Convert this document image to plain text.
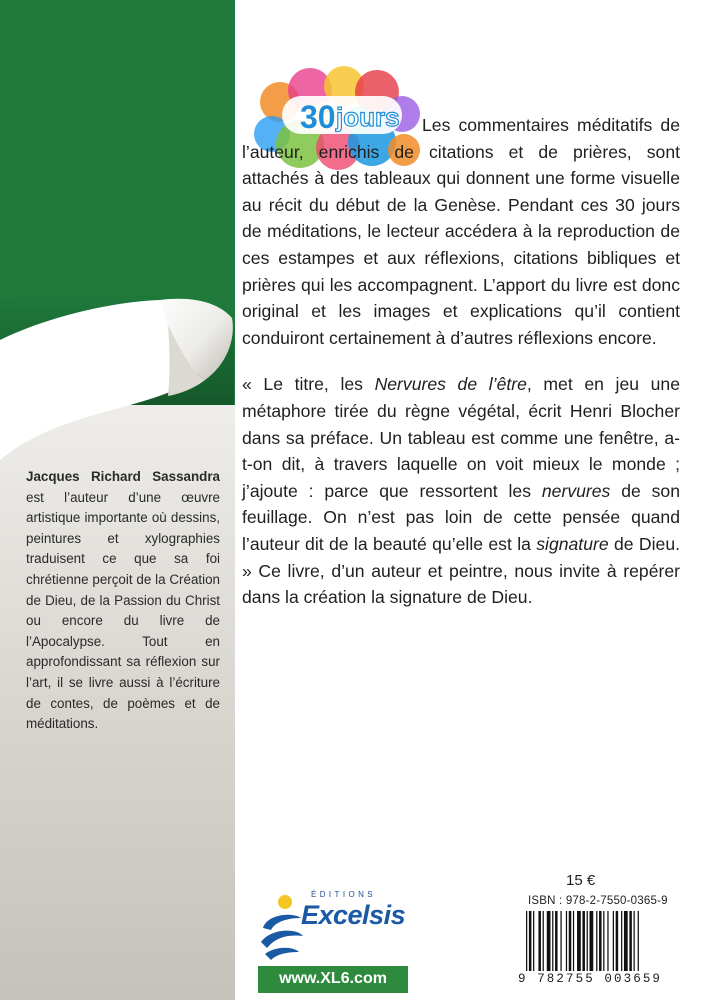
30 jours	Les commentaires méditatifs de l’auteur, enrichis de citations et de prières, sont attachés à des tableaux qui donnent une forme visuelle au récit du début de la Genèse. Pendant ces 30 jours de méditations, le lecteur accédera à la reproduction de ces estampes et aux réflexions, citations bibliques et prières qui les accompagnent. L’apport du livre est donc original et les images et explications qu’il contient conduiront certainement à d’autres réflexions encore.

« Le titre, les Nervures de l’être, met en jeu une métaphore tirée du règne végétal, écrit Henri Blocher dans sa préface. Un tableau est comme une fenêtre, a-t-on dit, à travers laquelle on voit mieux le monde ; j’ajoute : parce que ressortent les nervures de son feuillage. On n’est pas loin de cette pensée quand l’auteur dit de la beauté qu’elle est la signature de Dieu. » Ce livre, d’un auteur et peintre, nous invite à repérer dans la création la signature de Dieu.

Jacques Richard Sassandra est l’auteur d’une œuvre artistique importante où dessins, peintures et xylographies traduisent ce que sa foi chrétienne perçoit de la Création de Dieu, de la Passion du Christ ou encore du livre de l’Apocalypse. Tout en approfondissant sa réflexion sur l’art, il se livre aussi à l’écriture de contes, de poèmes et de méditations.
ÉDITIONS
Excelsis
www.XL6.com
15 €
ISBN : 978-2-7550-0365-9
9 782755 003659
